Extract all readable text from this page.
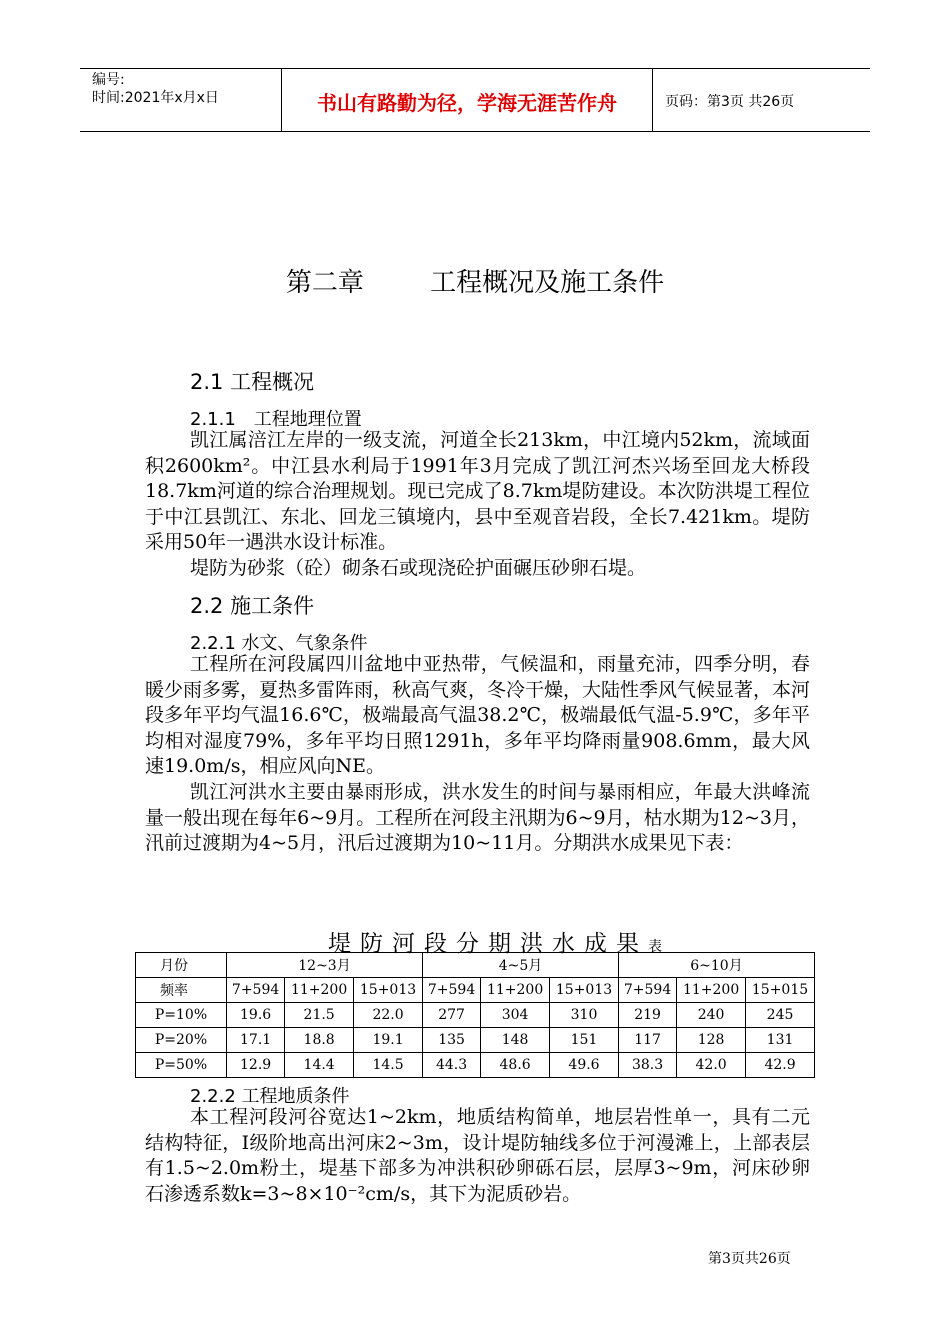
编号:
时间:2021年x月x日	书山有路勤为径，学海无涯苦作舟	页码：第3页 共26页
第二章	工程概况及施工条件
2.1 工程概况
2.1.1　工程地理位置
凯江属涪江左岸的一级支流，河道全长213km，中江境内52km，流域面积2600km²。中江县水利局于1991年3月完成了凯江河杰兴场至回龙大桥段18.7km河道的综合治理规划。现已完成了8.7km堤防建设。本次防洪堤工程位于中江县凯江、东北、回龙三镇境内，县中至观音岩段，全长7.421km。堤防采用50年一遇洪水设计标准。
堤防为砂浆（砼）砌条石或现浇砼护面碾压砂卵石堤。
2.2 施工条件
2.2.1 水文、气象条件
工程所在河段属四川盆地中亚热带，气候温和，雨量充沛，四季分明，春暖少雨多雾，夏热多雷阵雨，秋高气爽，冬冷干燥，大陆性季风气候显著，本河段多年平均气温16.6℃，极端最高气温38.2℃，极端最低气温-5.9℃，多年平均相对湿度79%，多年平均日照1291h，多年平均降雨量908.6mm，最大风速19.0m/s，相应风向NE。
凯江河洪水主要由暴雨形成，洪水发生的时间与暴雨相应，年最大洪峰流量一般出现在每年6~9月。工程所在河段主汛期为6~9月，枯水期为12~3月，汛前过渡期为4~5月，汛后过渡期为10~11月。分期洪水成果见下表：
堤防河段分期洪水成果表
月份	12~3月			4~5月			6~10月		
频率	7+594	11+200	15+013	7+594	11+200	15+013	7+594	11+200	15+015
P=10%	19.6	21.5	22.0	277	304	310	219	240	245
P=20%	17.1	18.8	19.1	135	148	151	117	128	131
P=50%	12.9	14.4	14.5	44.3	48.6	49.6	38.3	42.0	42.9
2.2.2 工程地质条件
本工程河段河谷宽达1~2km，地质结构简单，地层岩性单一，具有二元结构特征，Ⅰ级阶地高出河床2~3m，设计堤防轴线多位于河漫滩上，上部表层有1.5~2.0m粉土，堤基下部多为冲洪积砂卵砾石层，层厚3~9m，河床砂卵石渗透系数k=3~8×10⁻²cm/s，其下为泥质砂岩。
第3页共26页
